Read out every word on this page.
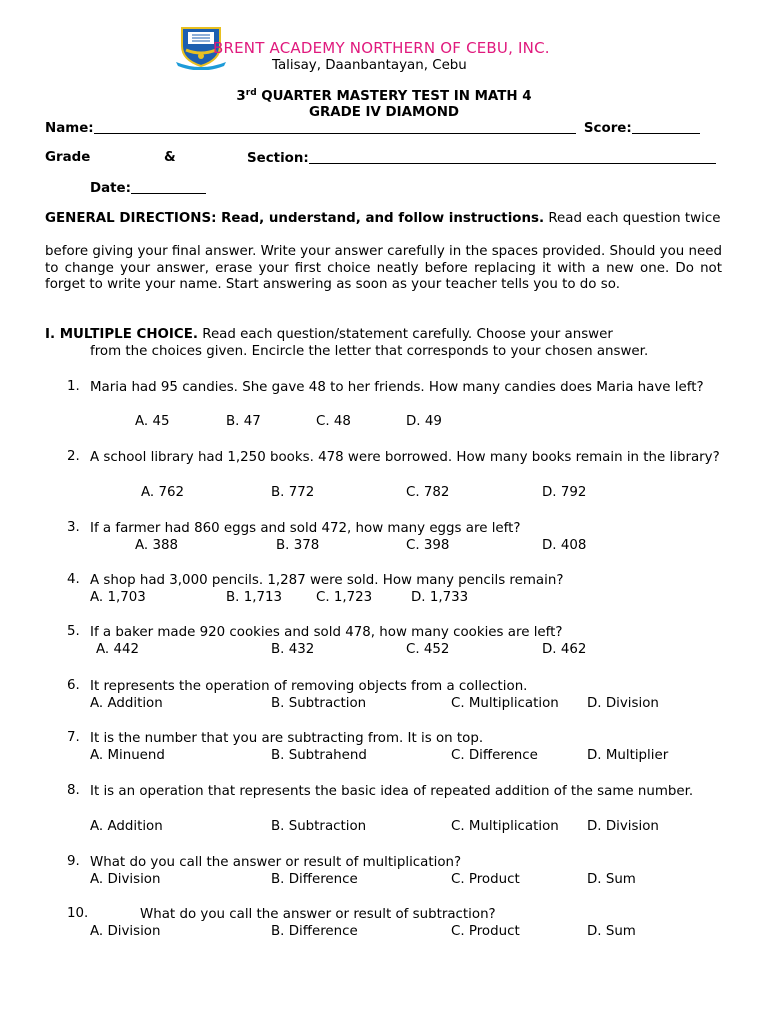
BRENT ACADEMY NORTHERN OF CEBU, INC.
Talisay, Daanbantayan, Cebu
3rd QUARTER MASTERY TEST IN MATH 4
GRADE IV DIAMOND
Name:	Score:
Grade	&	Section:
Date:
GENERAL DIRECTIONS: Read, understand, and follow instructions. Read each question twice
before giving your final answer. Write your answer carefully in the spaces provided. Should you need to change your answer, erase your first choice neatly before replacing it with a new one. Do not forget to write your name. Start answering as soon as your teacher tells you to do so.
I. MULTIPLE CHOICE. Read each question/statement carefully. Choose your answer
from the choices given. Encircle the letter that corresponds to your chosen answer.
1. Maria had 95 candies. She gave 48 to her friends. How many candies does Maria have left?
A. 45	B. 47	C. 48	D. 49
2. A school library had 1,250 books. 478 were borrowed. How many books remain in the library?
A. 762	B. 772	C. 782	D. 792
3. If a farmer had 860 eggs and sold 472, how many eggs are left?
A. 388	B. 378	C. 398	D. 408
4. A shop had 3,000 pencils. 1,287 were sold. How many pencils remain?
A. 1,703	B. 1,713	C. 1,723	D. 1,733
5. If a baker made 920 cookies and sold 478, how many cookies are left?
A. 442	B. 432	C. 452	D. 462
6. It represents the operation of removing objects from a collection.
A. Addition	B. Subtraction	C. Multiplication D. Division
7. It is the number that you are subtracting from. It is on top.
A. Minuend	B. Subtrahend	C. Difference	D. Multiplier
8. It is an operation that represents the basic idea of repeated addition of the same number.
A. Addition	B. Subtraction	C. Multiplication D. Division
9. What do you call the answer or result of multiplication?
A. Division	B. Difference	C. Product	D. Sum
10.	What do you call the answer or result of subtraction?
A. Division	B. Difference	C. Product	D. Sum
